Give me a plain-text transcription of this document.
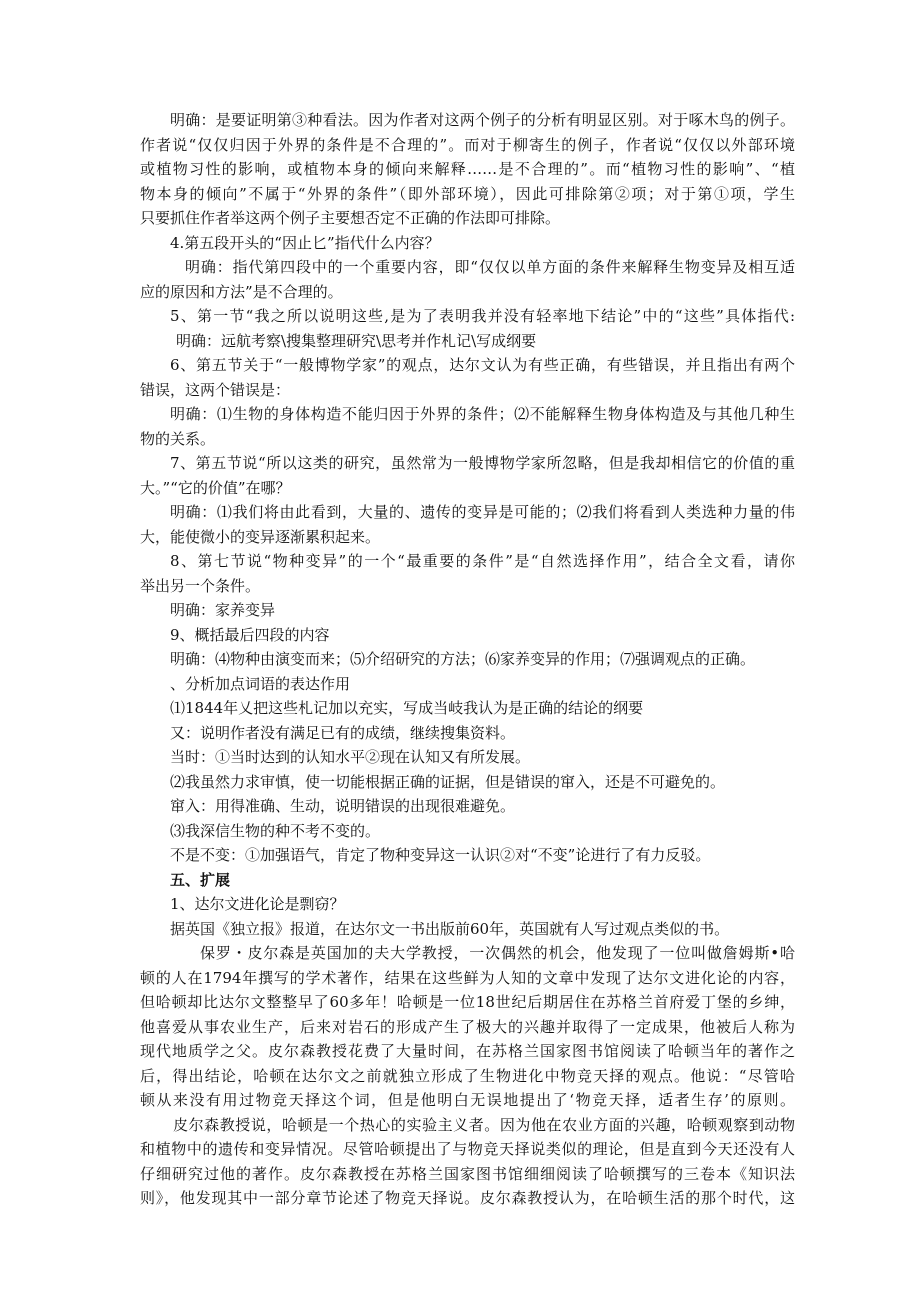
明确：是要证明第③种看法。因为作者对这两个例子的分析有明显区别。对于啄木鸟的例子。
作者说“仅仅归因于外界的条件是不合理的”。而对于柳寄生的例子，作者说“仅仅以外部环境
或植物习性的影响，或植物本身的倾向来解释……是不合理的”。而“植物习性的影响”、“植
物本身的倾向”不属于“外界的条件”（即外部环境），因此可排除第②项；对于第①项，学生
只要抓住作者举这两个例子主要想否定不正确的作法即可排除。
4.第五段开头的“因止匕”指代什么内容？
明确：指代第四段中的一个重要内容，即“仅仅以单方面的条件来解释生物变异及相互适
应的原因和方法”是不合理的。
5、第一节“我之所以说明这些,是为了表明我并没有轻率地下结论”中的“这些”具体指代:
明确：远航考察\搜集整理研究\思考并作札记\写成纲要
6、第五节关于“一般博物学家”的观点，达尔文认为有些正确，有些错误，并且指出有两个
错误，这两个错误是：
明确：⑴生物的身体构造不能归因于外界的条件；⑵不能解释生物身体构造及与其他几种生
物的关系。
7、第五节说“所以这类的研究，虽然常为一般博物学家所忽略，但是我却相信它的价值的重
大。”“它的价值”在哪？
明确：⑴我们将由此看到，大量的、遗传的变异是可能的；⑵我们将看到人类选种力量的伟
大，能使微小的变异逐渐累积起来。
8、第七节说“物种变异”的一个“最重要的条件”是“自然选择作用”，结合全文看，请你
举出另一个条件。
明确：家养变异
9、概括最后四段的内容
明确：⑷物种由演变而来；⑸介绍研究的方法；⑹家养变异的作用；⑺强调观点的正确。
、分析加点词语的表达作用
⑴1844年乂把这些札记加以充实，写成当岐我认为是正确的结论的纲要
又：说明作者没有满足已有的成绩，继续搜集资料。
当时：①当时达到的认知水平②现在认知又有所发展。
⑵我虽然力求审慎，使一切能根据正确的证据，但是错误的窜入，还是不可避免的。
窜入：用得准确、生动，说明错误的出现很难避免。
⑶我深信生物的种不考不变的。
不是不变：①加强语气，肯定了物种变异这一认识②对“不变”论进行了有力反驳。
五、扩展
1、达尔文进化论是剽窃？
据英国《独立报》报道，在达尔文一书出版前60年，英国就有人写过观点类似的书。
保罗・皮尔森是英国加的夫大学教授，一次偶然的机会，他发现了一位叫做詹姆斯•哈
顿的人在1794年撰写的学术著作，结果在这些鲜为人知的文章中发现了达尔文进化论的内容，
但哈顿却比达尔文整整早了60多年！哈顿是一位18世纪后期居住在苏格兰首府爱丁堡的乡绅，
他喜爱从事农业生产，后来对岩石的形成产生了极大的兴趣并取得了一定成果，他被后人称为
现代地质学之父。皮尔森教授花费了大量时间，在苏格兰国家图书馆阅读了哈顿当年的著作之
后，得出结论，哈顿在达尔文之前就独立形成了生物进化中物竞天择的观点。他说：“尽管哈
顿从来没有用过物竞天择这个词，但是他明白无误地提出了‘物竞天择，适者生存’的原则。
皮尔森教授说，哈顿是一个热心的实验主义者。因为他在农业方面的兴趣，哈顿观察到动物
和植物中的遗传和变异情况。尽管哈顿提出了与物竞天择说类似的理论，但是直到今天还没有人
仔细研究过他的著作。皮尔森教授在苏格兰国家图书馆细细阅读了哈顿撰写的三卷本《知识法
则》，他发现其中一部分章节论述了物竞天择说。皮尔森教授认为，在哈顿生活的那个时代，这
